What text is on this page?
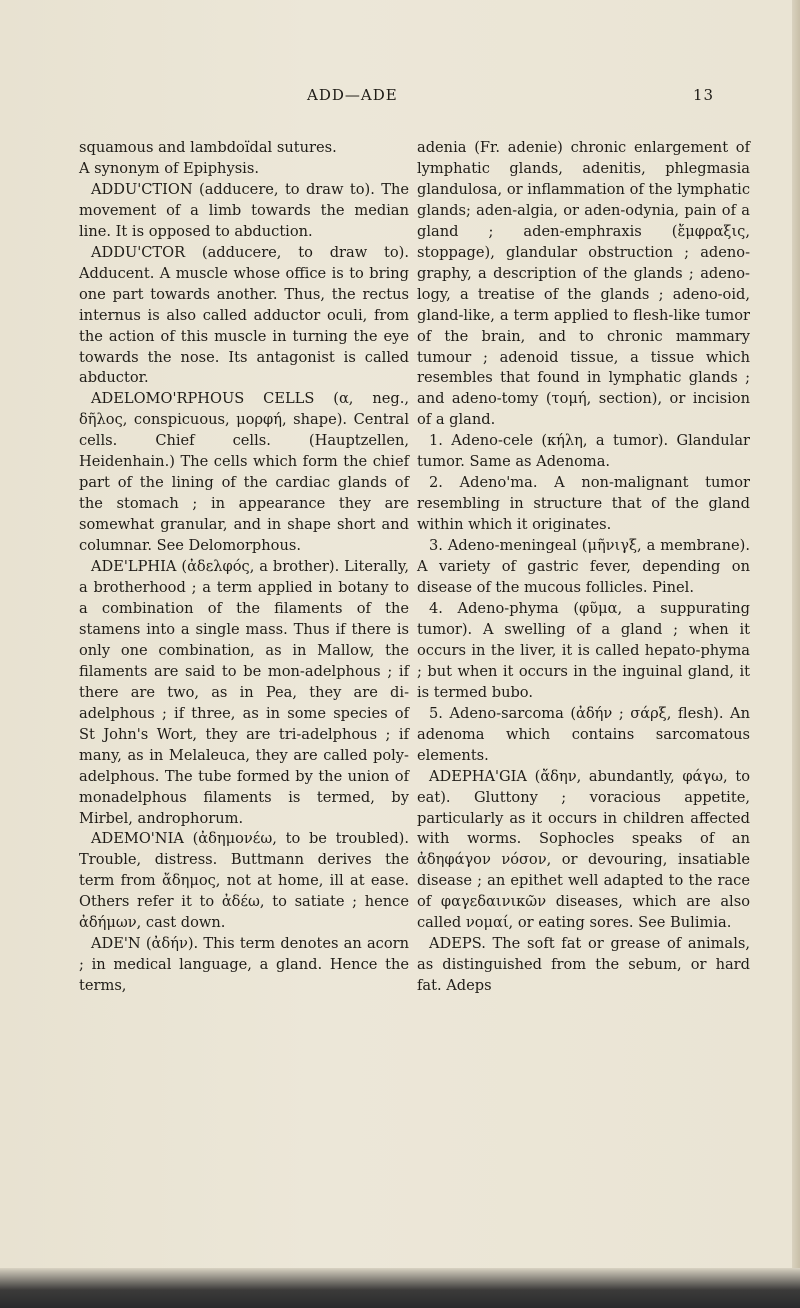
ADD—ADE	13

squamous and lambdoïdal sutures.

A synonym of Epiphysis.

ADDU'CTION (adducere, to draw to). The movement of a limb towards the median line. It is opposed to abduction.

ADDU'CTOR (adducere, to draw to). Adducent. A muscle whose office is to bring one part towards another. Thus, the rectus internus is also called adductor oculi, from the action of this muscle in turning the eye towards the nose. Its antagonist is called abductor.

ADELOMO'RPHOUS CELLS (α, neg., δῆλος, conspicuous, μορφή, shape). Central cells. Chief cells. (Hauptzellen, Heidenhain.) The cells which form the chief part of the lining of the cardiac glands of the stomach ; in appearance they are somewhat granular, and in shape short and columnar. See Delomorphous.

ADE'LPHIA (ἀδελφός, a brother). Literally, a brotherhood ; a term applied in botany to a combination of the filaments of the stamens into a single mass. Thus if there is only one combination, as in Mallow, the filaments are said to be mon-adelphous ; if there are two, as in Pea, they are di-adelphous ; if three, as in some species of St John's Wort, they are tri-adelphous ; if many, as in Melaleuca, they are called poly-adelphous. The tube formed by the union of monadelphous filaments is termed, by Mirbel, androphorum.

ADEMO'NIA (ἀδημονέω, to be troubled). Trouble, distress. Buttmann derives the term from ἄδημος, not at home, ill at ease. Others refer it to ἀδέω, to satiate ; hence ἀδήμων, cast down.

ADE'N (ἀδήν). This term denotes an acorn ; in medical language, a gland. Hence the terms,

adenia (Fr. adenie) chronic enlargement of lymphatic glands, adenitis, phlegmasia glandulosa, or inflammation of the lymphatic glands; aden-algia, or aden-odynia, pain of a gland ; aden-emphraxis (ἔμφραξις, stoppage), glandular obstruction ; adeno-graphy, a description of the glands ; adeno-logy, a treatise of the glands ; adeno-oid, gland-like, a term applied to flesh-like tumor of the brain, and to chronic mammary tumour ; adenoid tissue, a tissue which resembles that found in lymphatic glands ; and adeno-tomy (τομή, section), or incision of a gland.

1. Adeno-cele (κήλη, a tumor). Glandular tumor. Same as Adenoma.

2. Adeno'ma. A non-malignant tumor resembling in structure that of the gland within which it originates.

3. Adeno-meningeal (μῆνιγξ, a membrane). A variety of gastric fever, depending on disease of the mucous follicles. Pinel.

4. Adeno-phyma (φῦμα, a suppurating tumor). A swelling of a gland ; when it occurs in the liver, it is called hepato-phyma ; but when it occurs in the inguinal gland, it is termed bubo.

5. Adeno-sarcoma (ἀδήν ; σάρξ, flesh). An adenoma which contains sarcomatous elements.

ADEPHA'GIA (ἄδην, abundantly, φάγω, to eat). Gluttony ; voracious appetite, particularly as it occurs in children affected with worms. Sophocles speaks of an ἀδηφάγον νόσον, or devouring, insatiable disease ; an epithet well adapted to the race of φαγεδαινικῶν diseases, which are also called νομαί, or eating sores. See Bulimia.

ADEPS. The soft fat or grease of animals, as distinguished from the sebum, or hard fat. Adeps
